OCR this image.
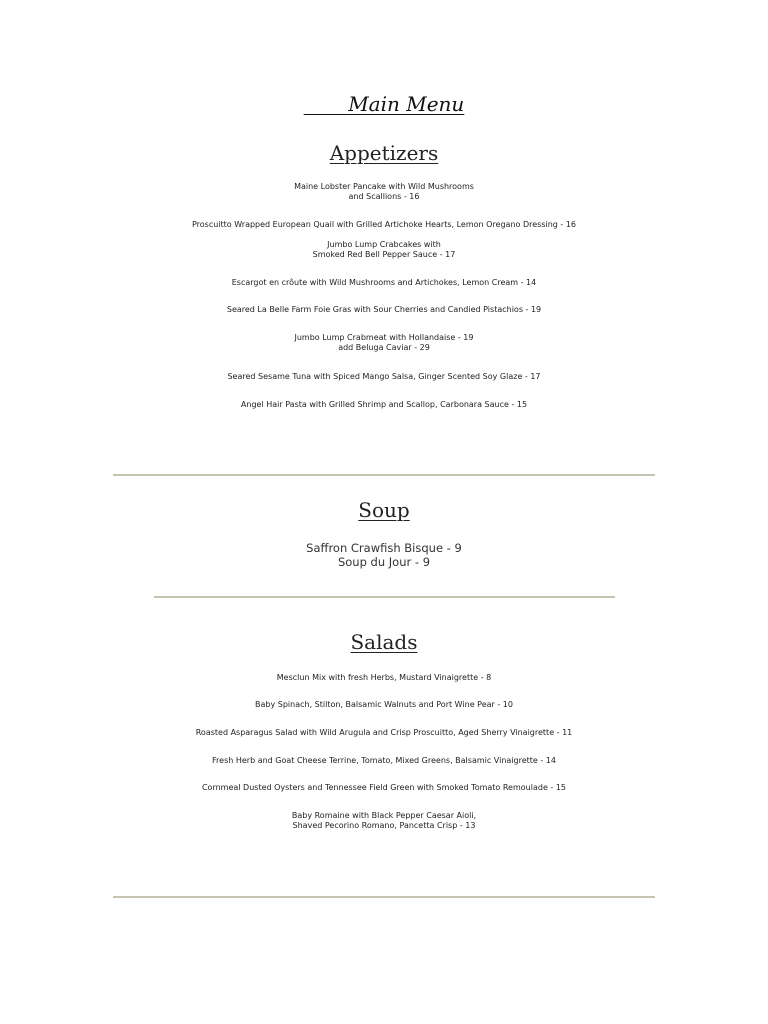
Main Menu
Appetizers
Maine Lobster Pancake with Wild Mushrooms
and Scallions - 16
Proscuitto Wrapped European Quail with Grilled Artichoke Hearts, Lemon Oregano Dressing - 16
Jumbo Lump Crabcakes with
Smoked Red Bell Pepper Sauce - 17
Escargot en crôute with Wild Mushrooms and Artichokes, Lemon Cream - 14
Seared La Belle Farm Foie Gras with Sour Cherries and Candied Pistachios - 19
Jumbo Lump Crabmeat with Hollandaise - 19
add Beluga Caviar - 29
Seared Sesame Tuna with Spiced Mango Salsa, Ginger Scented Soy Glaze - 17
Angel Hair Pasta with Grilled Shrimp and Scallop, Carbonara Sauce - 15
Soup
Saffron Crawfish Bisque - 9
Soup du Jour - 9
Salads
Mesclun Mix with fresh Herbs, Mustard Vinaigrette - 8
Baby Spinach, Stilton, Balsamic Walnuts and Port Wine Pear - 10
Roasted Asparagus Salad with Wild Arugula and Crisp Proscuitto, Aged Sherry Vinaigrette - 11
Fresh Herb and Goat Cheese Terrine, Tomato, Mixed Greens, Balsamic Vinaigrette - 14
Cornmeal Dusted Oysters and Tennessee Field Green with Smoked Tomato Remoulade - 15
Baby Romaine with Black Pepper Caesar Aioli,
Shaved Pecorino Romano, Pancetta Crisp - 13
